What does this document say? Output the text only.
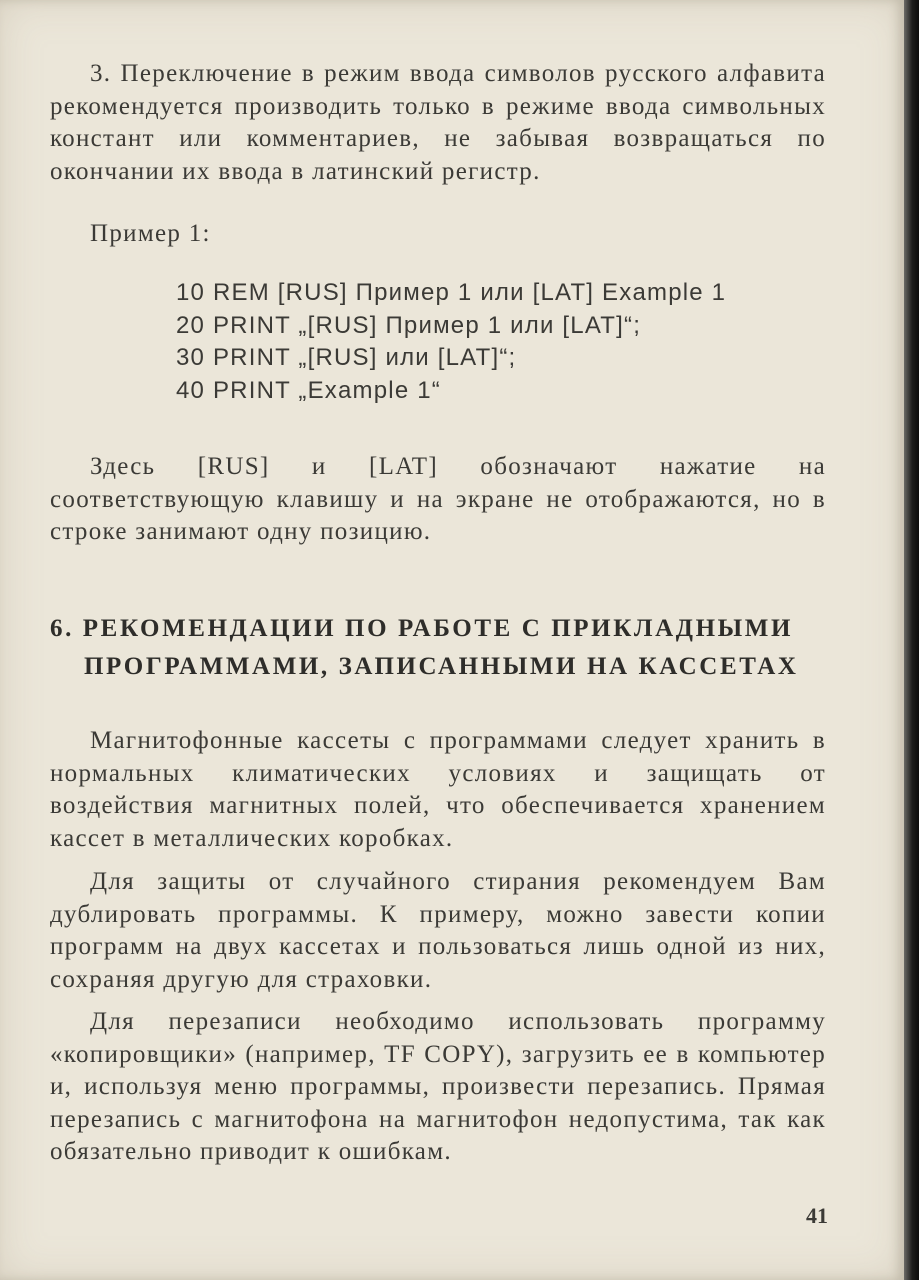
3. Переключение в режим ввода символов русского алфавита рекомендуется производить только в режиме ввода символьных констант или комментариев, не забывая возвращаться по окончании их ввода в латинский регистр.

Пример 1:

10 REM [RUS] Пример 1 или [LAT] Example 1
20 PRINT „[RUS] Пример 1 или [LAT]“;
30 PRINT „[RUS] или [LAT]“;
40 PRINT „Example 1“

Здесь [RUS] и [LAT] обозначают нажатие на соответствующую клавишу и на экране не отображаются, но в строке занимают одну позицию.

6. РЕКОМЕНДАЦИИ ПО РАБОТЕ С ПРИКЛАДНЫМИ
ПРОГРАММАМИ, ЗАПИСАННЫМИ НА КАССЕТАХ

Магнитофонные кассеты с программами следует хранить в нормальных климатических условиях и защищать от воздействия магнитных полей, что обеспечивается хранением кассет в металлических коробках.

Для защиты от случайного стирания рекомендуем Вам дублировать программы. К примеру, можно завести копии программ на двух кассетах и пользоваться лишь одной из них, сохраняя другую для страховки.

Для перезаписи необходимо использовать программу «копировщики» (например, TF COPY), загрузить ее в компьютер и, используя меню программы, произвести перезапись. Прямая перезапись с магнитофона на магнитофон недопустима, так как обязательно приводит к ошибкам.

41
